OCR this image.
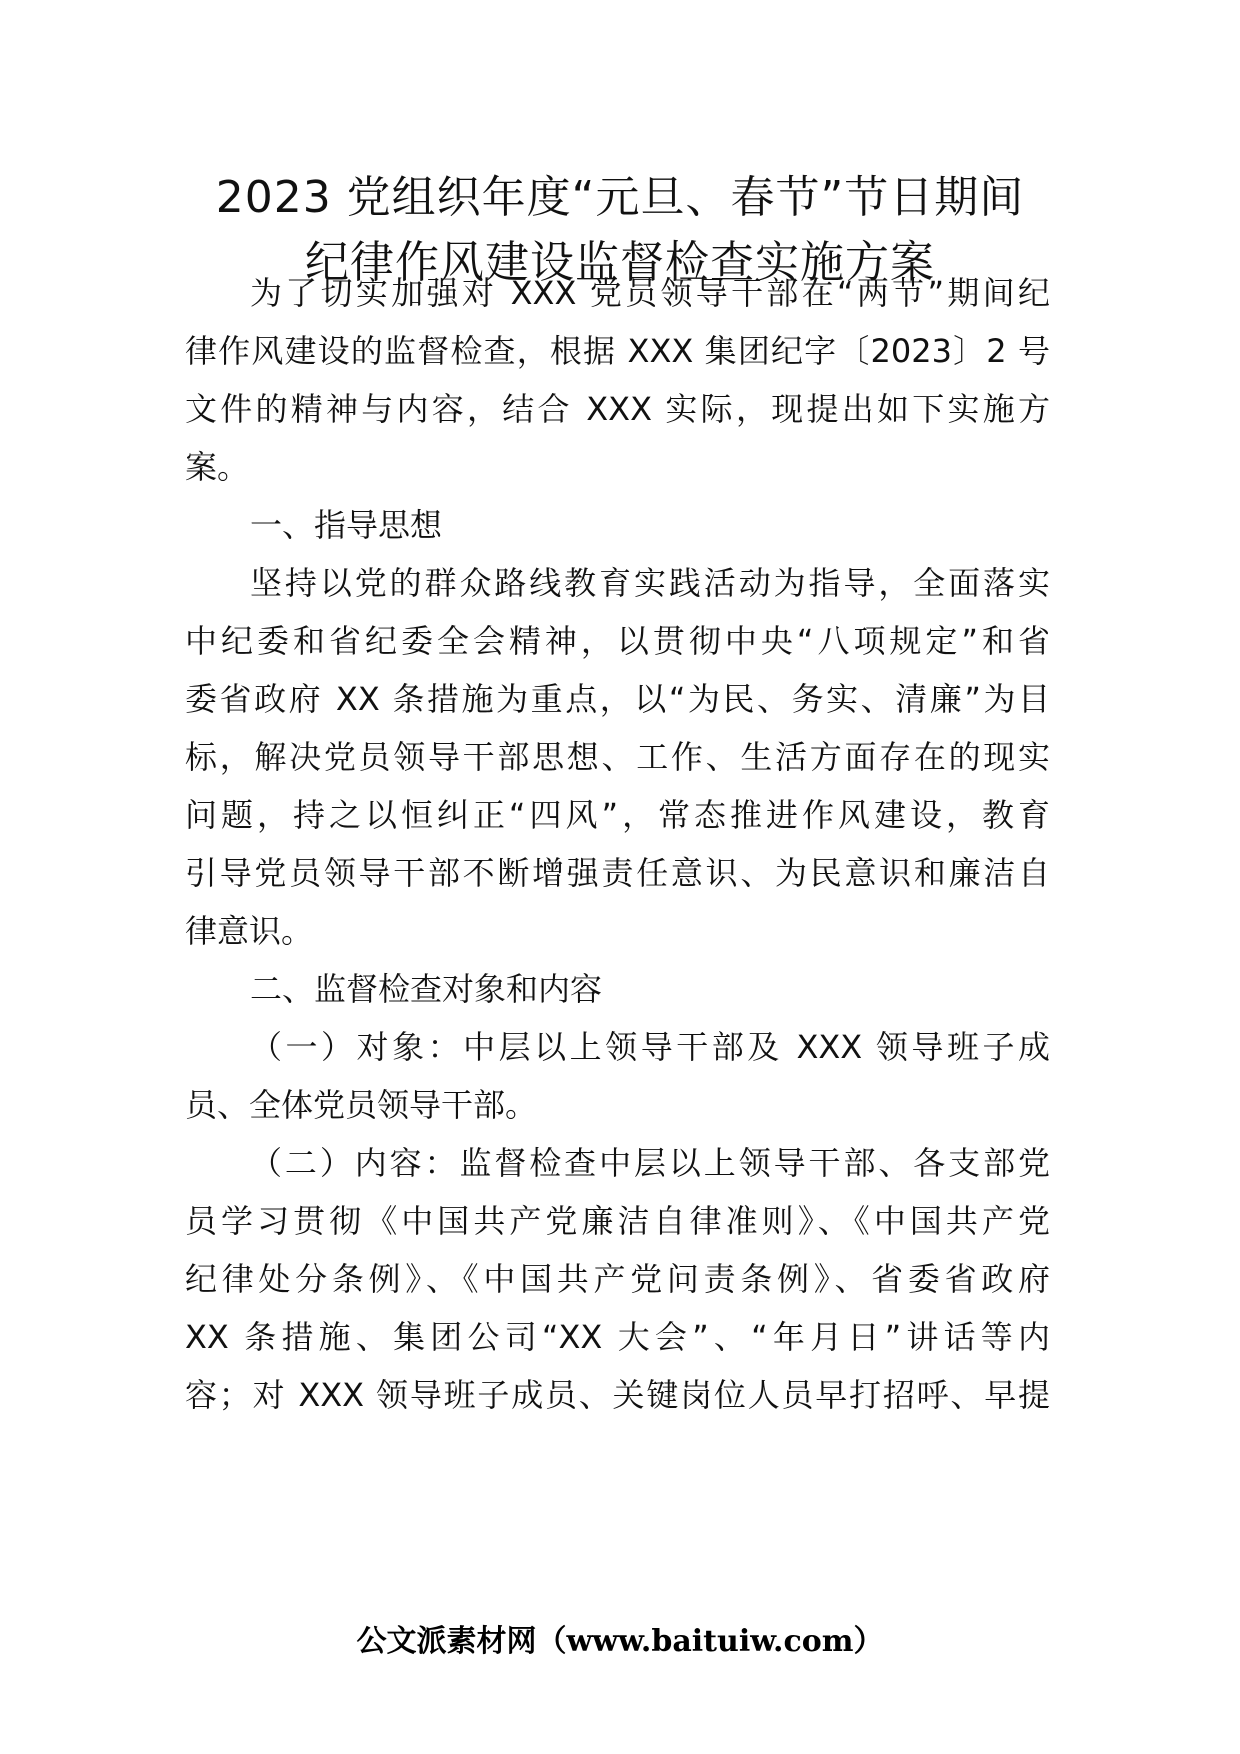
2023 党组织年度“元旦、春节”节日期间
纪律作风建设监督检查实施方案
为了切实加强对 XXX 党员领导干部在“两节”期间纪
律作风建设的监督检查，根据 XXX 集团纪字〔2023〕2 号
文件的精神与内容，结合 XXX 实际，现提出如下实施方
案。
一、指导思想
坚持以党的群众路线教育实践活动为指导，全面落实
中纪委和省纪委全会精神，以贯彻中央“八项规定”和省
委省政府 XX 条措施为重点，以“为民、务实、清廉”为目
标，解决党员领导干部思想、工作、生活方面存在的现实
问题，持之以恒纠正“四风”，常态推进作风建设，教育
引导党员领导干部不断增强责任意识、为民意识和廉洁自
律意识。
二、监督检查对象和内容
（一）对象：中层以上领导干部及 XXX 领导班子成
员、全体党员领导干部。
（二）内容：监督检查中层以上领导干部、各支部党
员学习贯彻《中国共产党廉洁自律准则》、《中国共产党
纪律处分条例》、《中国共产党问责条例》、省委省政府
XX 条措施、集团公司“XX 大会”、“年月日”讲话等内
容；对 XXX 领导班子成员、关键岗位人员早打招呼、早提
公文派素材网（www.baituiw.com）
